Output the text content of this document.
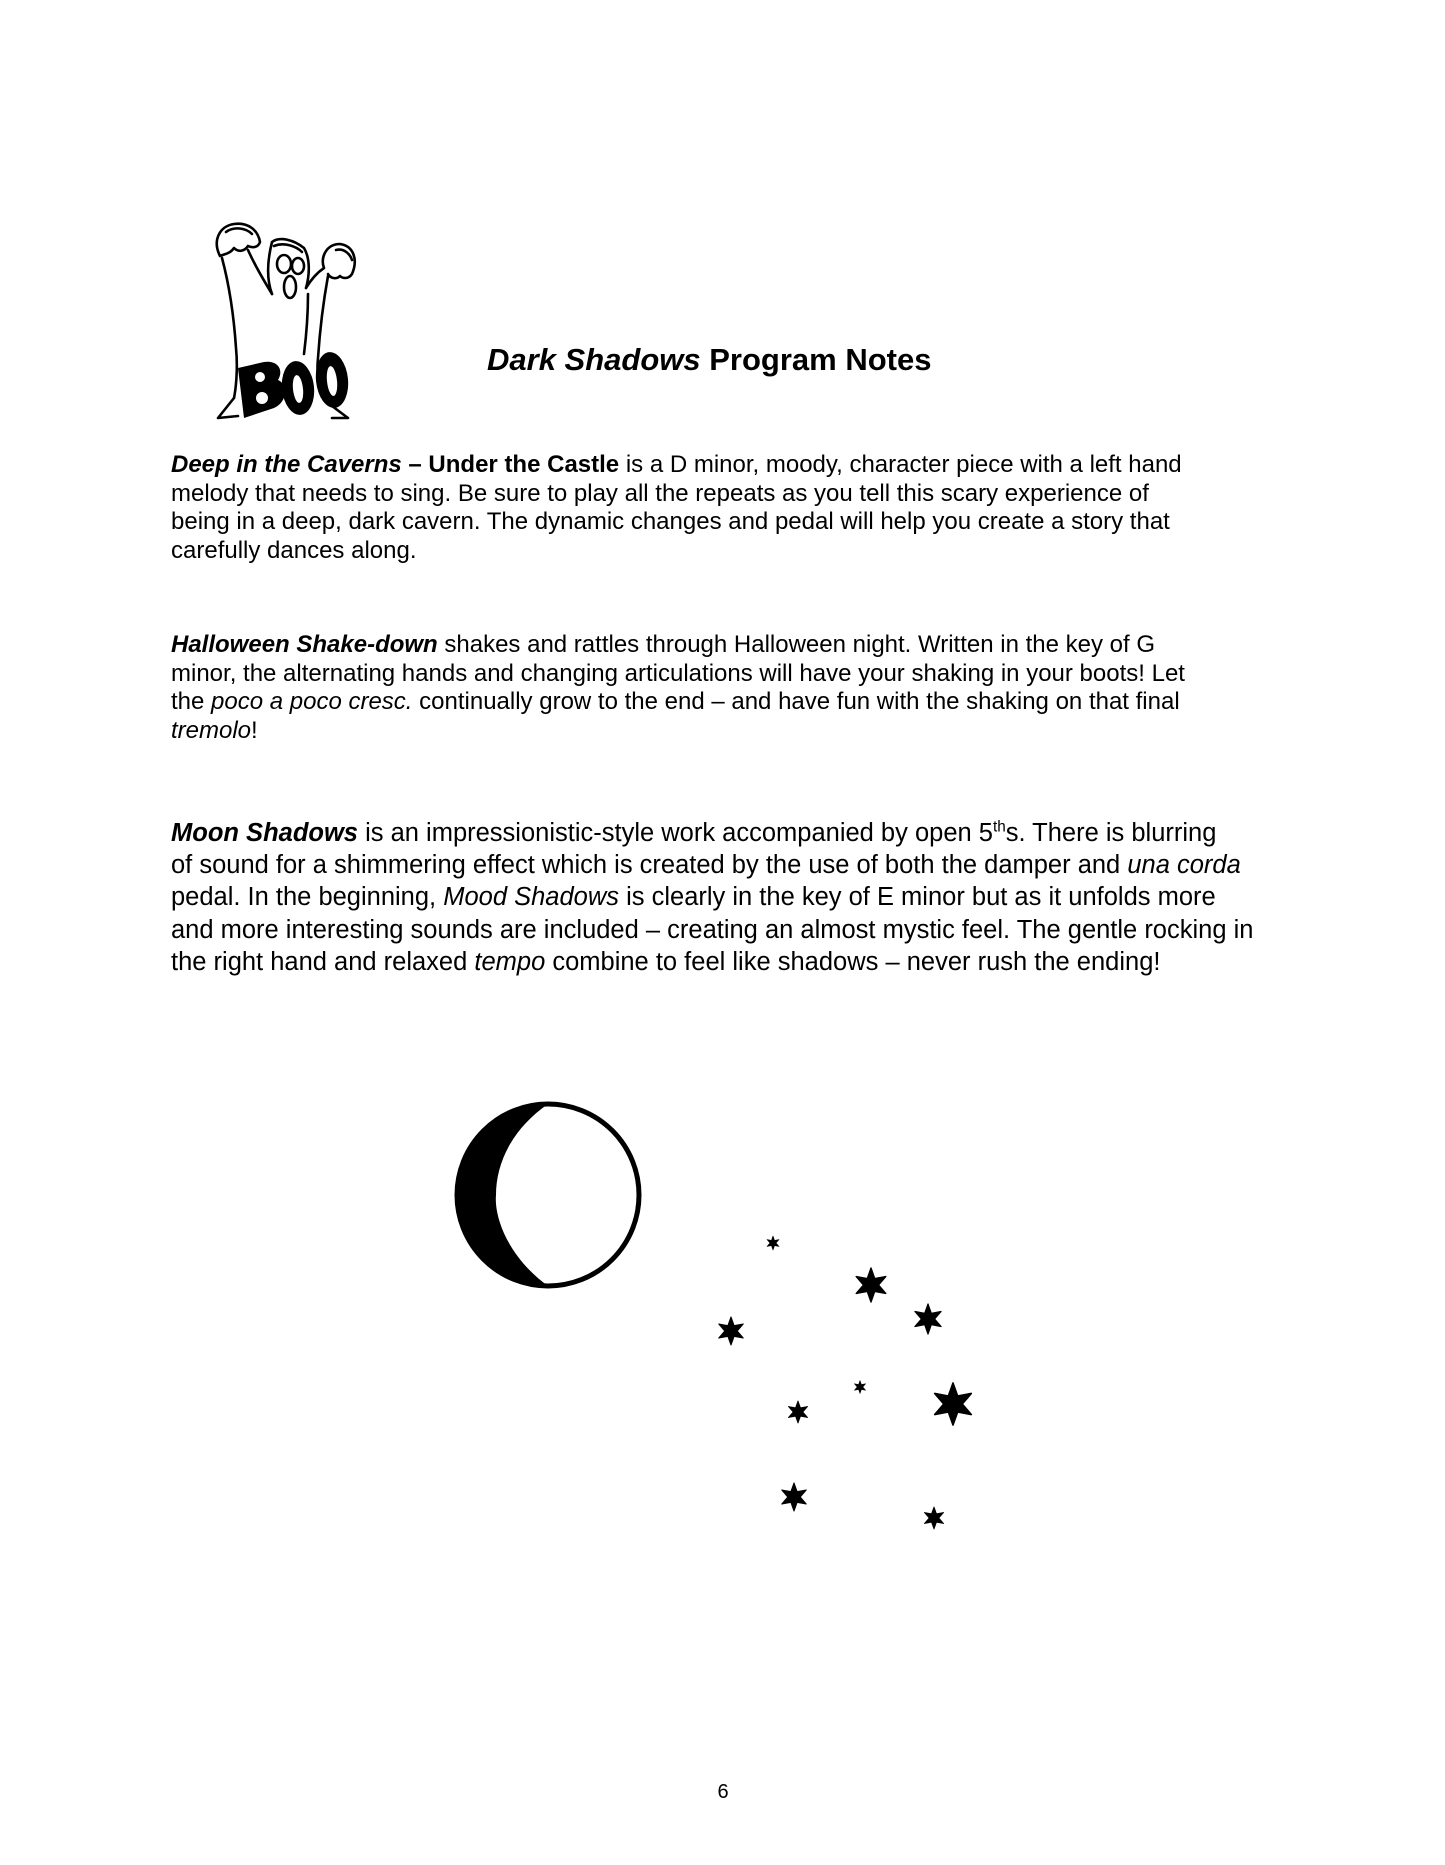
Dark Shadows Program Notes

Deep in the Caverns – Under the Castle is a D minor, moody, character piece with a left hand
melody that needs to sing. Be sure to play all the repeats as you tell this scary experience of
being in a deep, dark cavern. The dynamic changes and pedal will help you create a story that
carefully dances along.

Halloween Shake-down shakes and rattles through Halloween night. Written in the key of G
minor, the alternating hands and changing articulations will have your shaking in your boots! Let
the poco a poco cresc. continually grow to the end – and have fun with the shaking on that final
tremolo!

Moon Shadows is an impressionistic-style work accompanied by open 5ths. There is blurring
of sound for a shimmering effect which is created by the use of both the damper and una corda
pedal. In the beginning, Mood Shadows is clearly in the key of E minor but as it unfolds more
and more interesting sounds are included – creating an almost mystic feel. The gentle rocking in
the right hand and relaxed tempo combine to feel like shadows – never rush the ending!

6
